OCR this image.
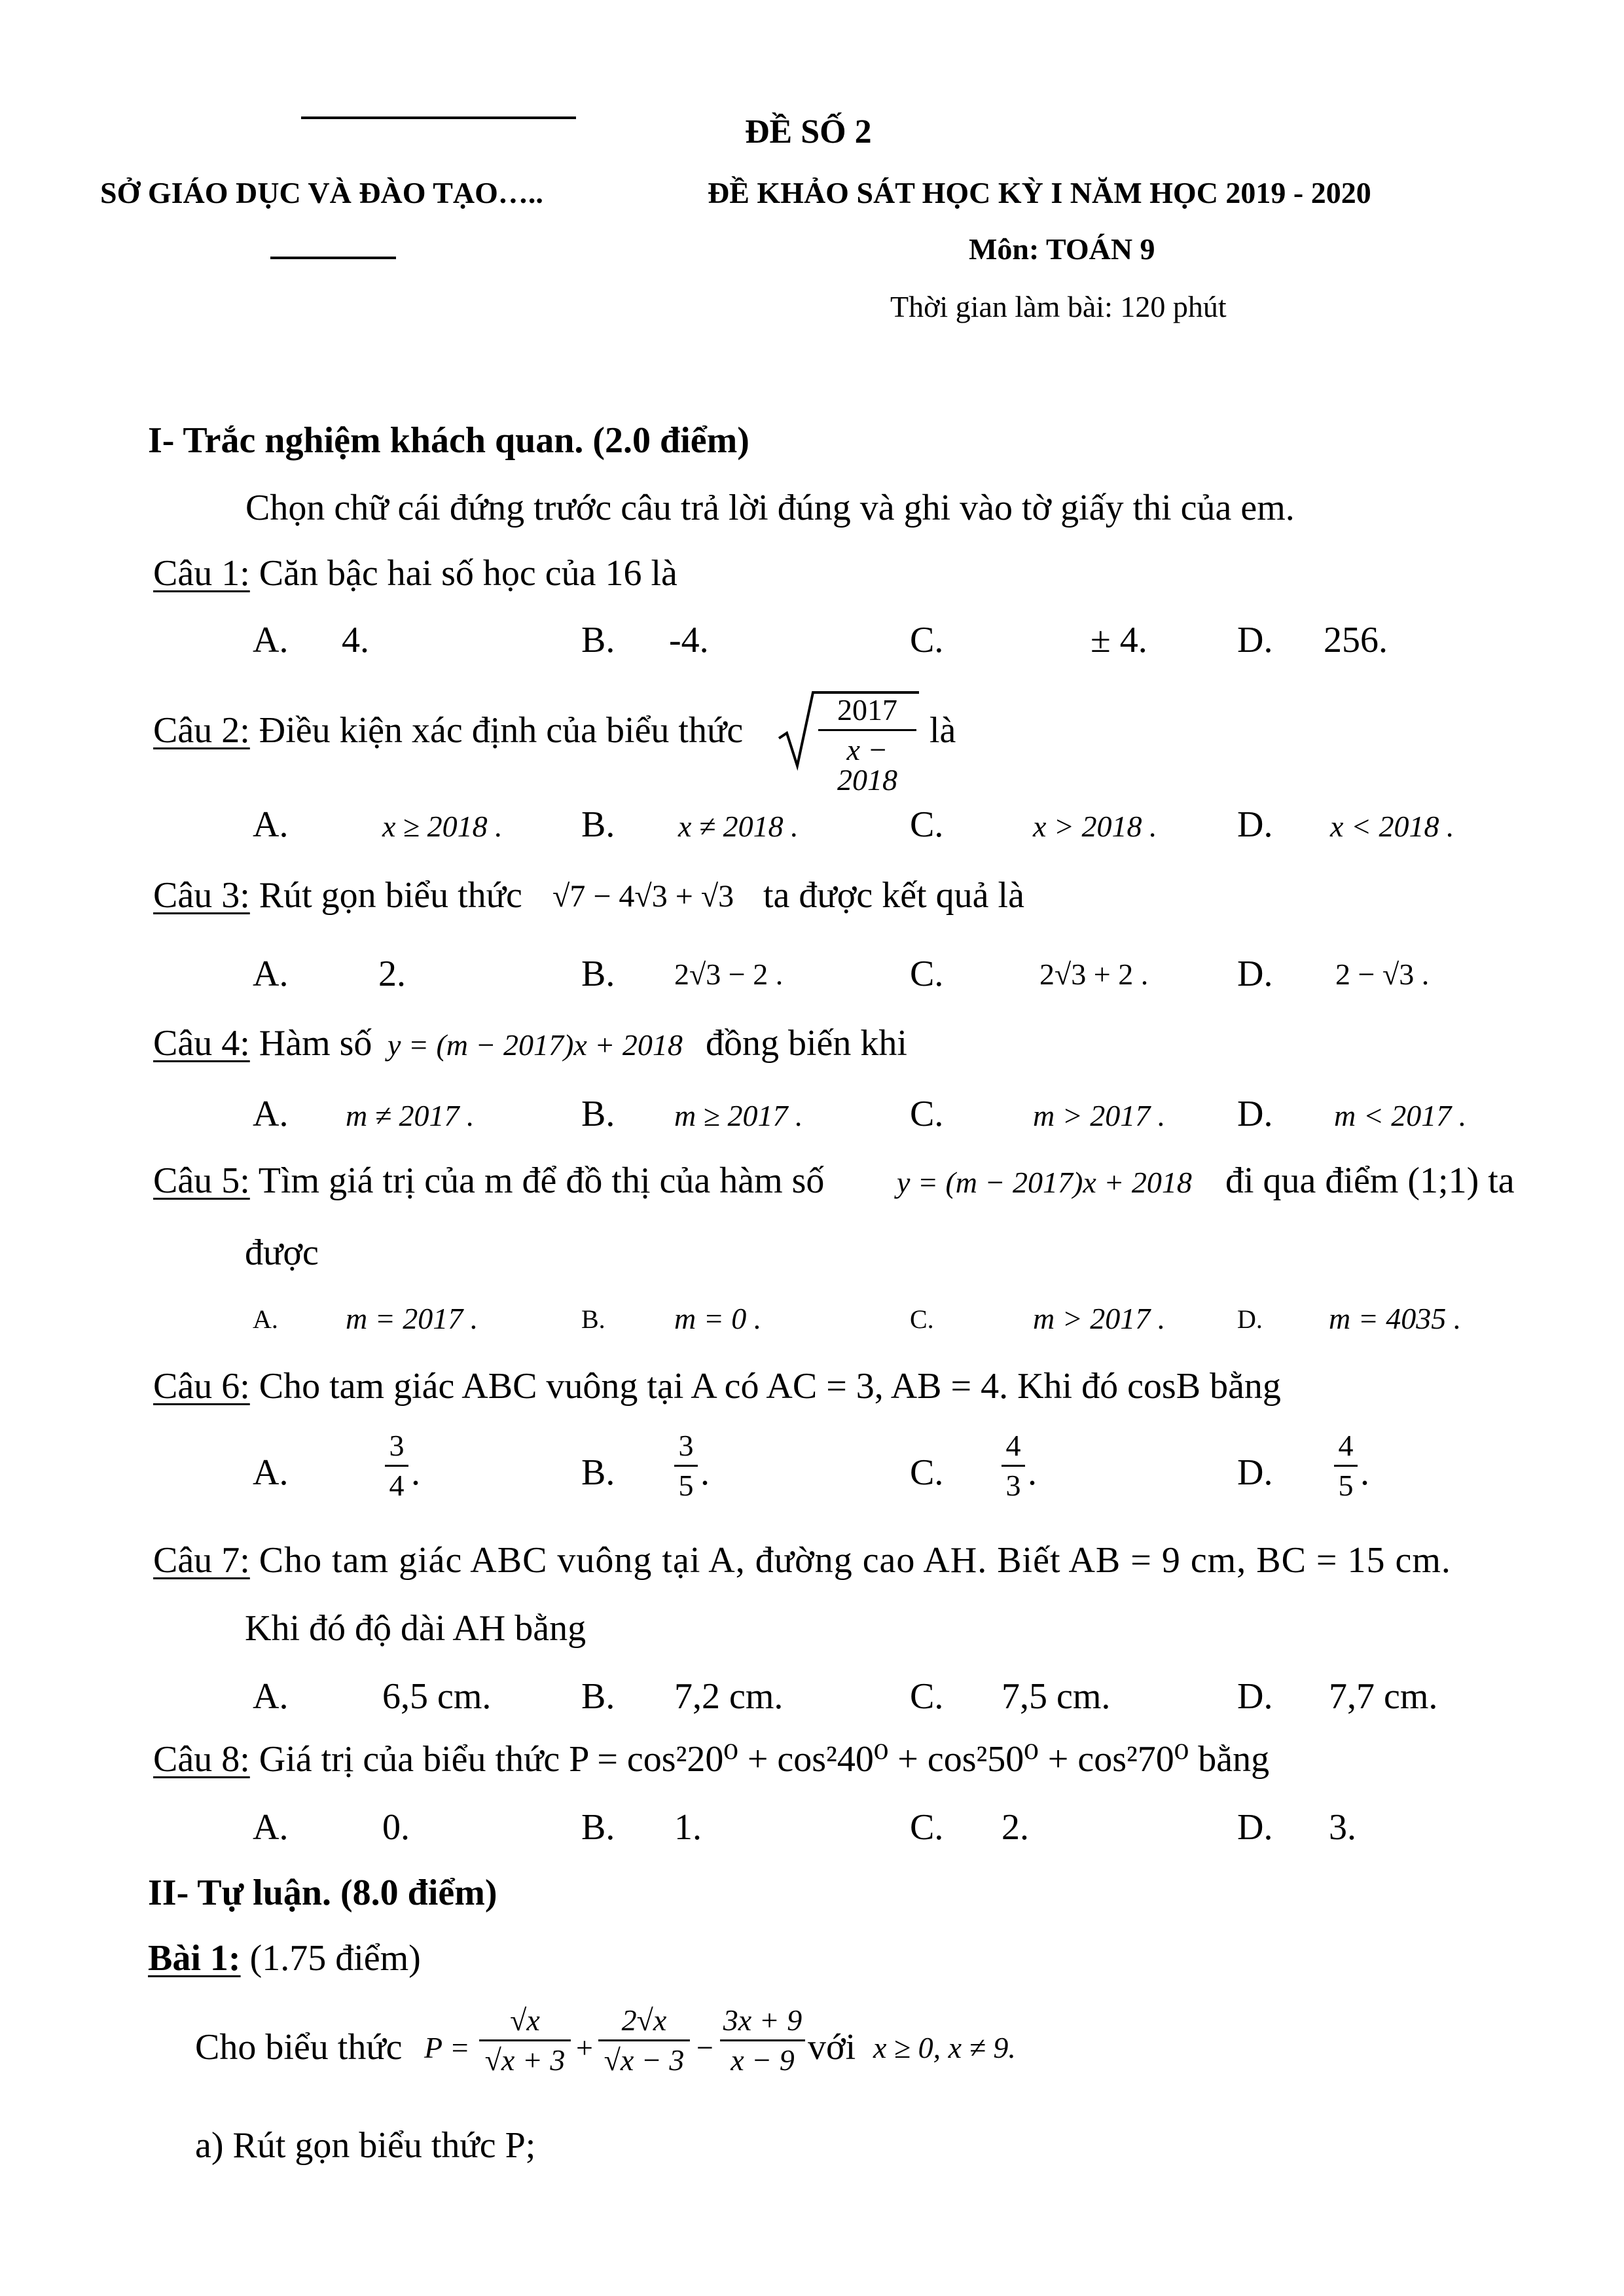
ĐỀ SỐ 2
SỞ GIÁO DỤC VÀ ĐÀO TẠO…..	ĐỀ KHẢO SÁT HỌC KỲ I NĂM HỌC 2019 - 2020
Môn: TOÁN 9
Thời gian làm bài: 120 phút
I- Trắc nghiệm khách quan. (2.0 điểm)
Chọn chữ cái đứng trước câu trả lời đúng và ghi vào tờ giấy thi của em.
Câu 1: Căn bậc hai số học của 16 là
A. 4.	B. -4.	C.	± 4. D. 256.
Câu 2: Điều kiện xác định của biểu thức
2017
x − 2018
là
A.	x ≥ 2018 . B. x ≠ 2018 .	C.	x > 2018 . D. x < 2018 .
Câu 3: Rút gọn biểu thức √7 − 4√3 + √3 ta được kết quả là
A. 2.	B. 2√3 − 2 .	C.	2√3 + 2 . D. 2 − √3 .
Câu 4: Hàm số y = (m − 2017)x + 2018 đồng biến khi
A. m ≠ 2017 .	B. m ≥ 2017 .	C.	m > 2017 . D. m < 2017 .
Câu 5: Tìm giá trị của m để đồ thị của hàm số y = (m − 2017)x + 2018 đi qua điểm (1;1) ta
được
A. m = 2017 .	B. m = 0 .	C.	m > 2017 .	D. m = 4035 .
Câu 6: Cho tam giác ABC vuông tại A có AC = 3, AB = 4. Khi đó cosB bằng
A.
3
4 .	B.
3
5 .	C.
4
3 .	D.
4
5 .
Câu 7: Cho tam giác ABC vuông tại A, đường cao AH. Biết AB = 9 cm, BC = 15 cm.
Khi đó độ dài AH bằng
A.	6,5 cm. B. 7,2 cm.	C. 7,5 cm.	D. 7,7 cm.
Câu 8: Giá trị của biểu thức P = cos²20⁰ + cos²40⁰ + cos²50⁰ + cos²70⁰ bằng
A.	0.	B. 1.	C. 2.	D. 3.
II- Tự luận. (8.0 điểm)
Bài 1: (1.75 điểm)
Cho biểu thức P =
√x
√x + 3 +
2√x
√x − 3 −
3x + 9
x − 9 với x ≥ 0, x ≠ 9.
a) Rút gọn biểu thức P;
